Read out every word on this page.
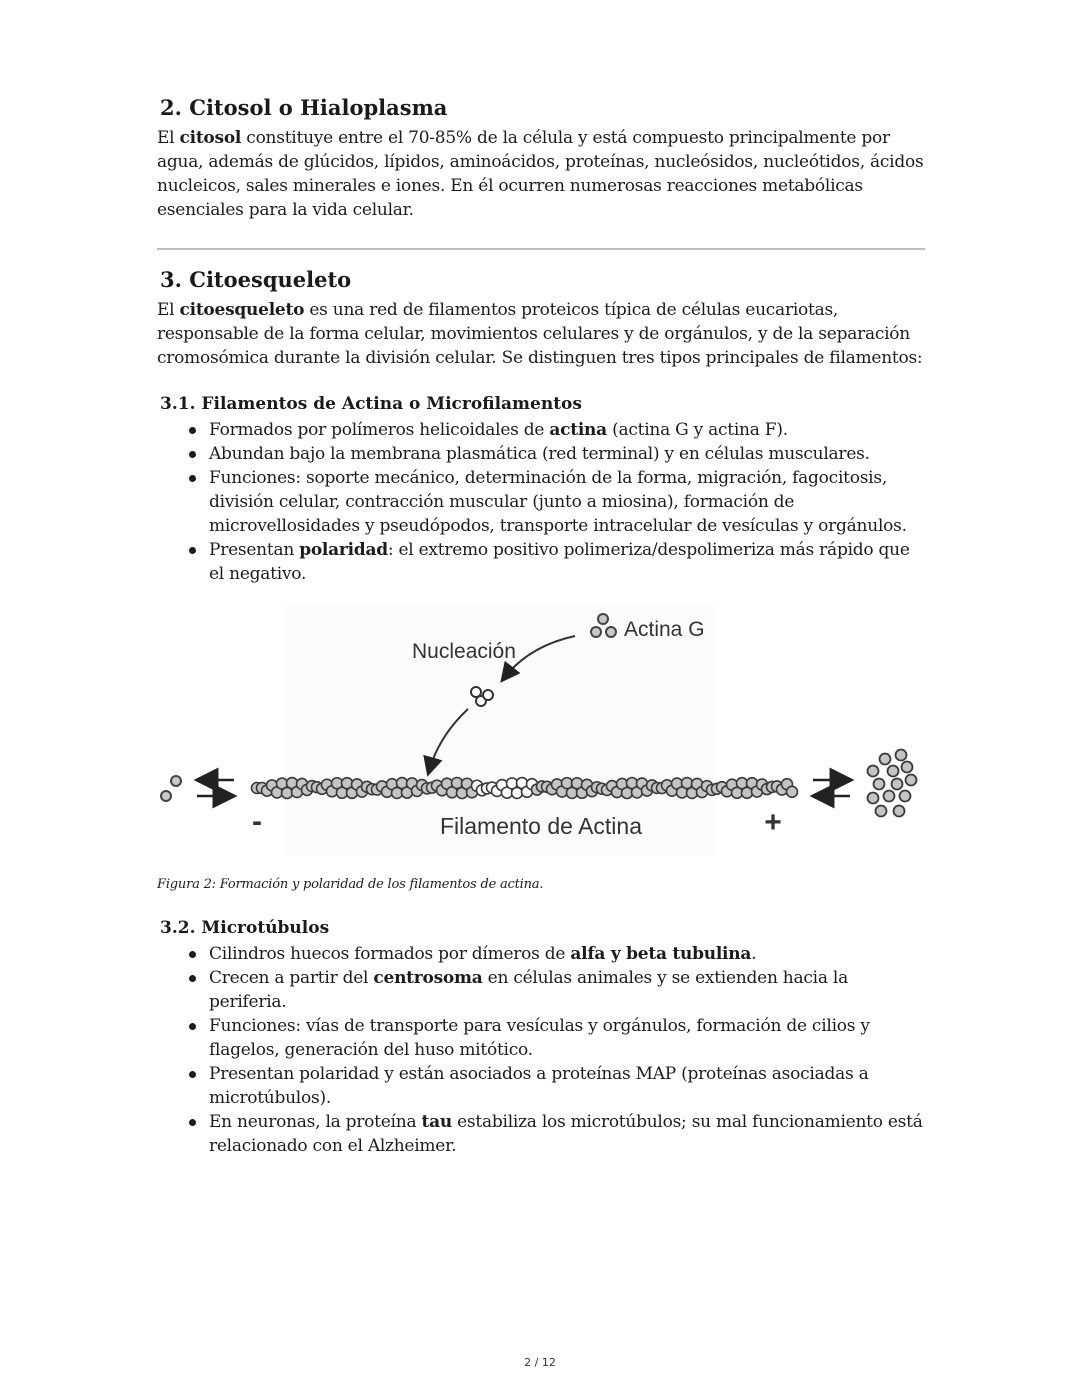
2. Citosol o Hialoplasma

El citosol constituye entre el 70-85% de la célula y está compuesto principalmente por agua, además de glúcidos, lípidos, aminoácidos, proteínas, nucleósidos, nucleótidos, ácidos nucleicos, sales minerales e iones. En él ocurren numerosas reacciones metabólicas esenciales para la vida celular.

3. Citoesqueleto

El citoesqueleto es una red de filamentos proteicos típica de células eucariotas, responsable de la forma celular, movimientos celulares y de orgánulos, y de la separación cromosómica durante la división celular. Se distinguen tres tipos principales de filamentos:

3.1. Filamentos de Actina o Microfilamentos
Formados por polímeros helicoidales de actina (actina G y actina F).
Abundan bajo la membrana plasmática (red terminal) y en células musculares.
Funciones: soporte mecánico, determinación de la forma, migración, fagocitosis, división celular, contracción muscular (junto a miosina), formación de microvellosidades y pseudópodos, transporte intracelular de vesículas y orgánulos.
Presentan polaridad: el extremo positivo polimeriza/despolimeriza más rápido que el negativo.
Nucleación
Actina G
-	Filamento de Actina	+

Figura 2: Formación y polaridad de los filamentos de actina.

3.2. Microtúbulos
Cilindros huecos formados por dímeros de alfa y beta tubulina.
Crecen a partir del centrosoma en células animales y se extienden hacia la periferia.
Funciones: vías de transporte para vesículas y orgánulos, formación de cilios y flagelos, generación del huso mitótico.
Presentan polaridad y están asociados a proteínas MAP (proteínas asociadas a microtúbulos).
En neuronas, la proteína tau estabiliza los microtúbulos; su mal funcionamiento está relacionado con el Alzheimer.
2 / 12
